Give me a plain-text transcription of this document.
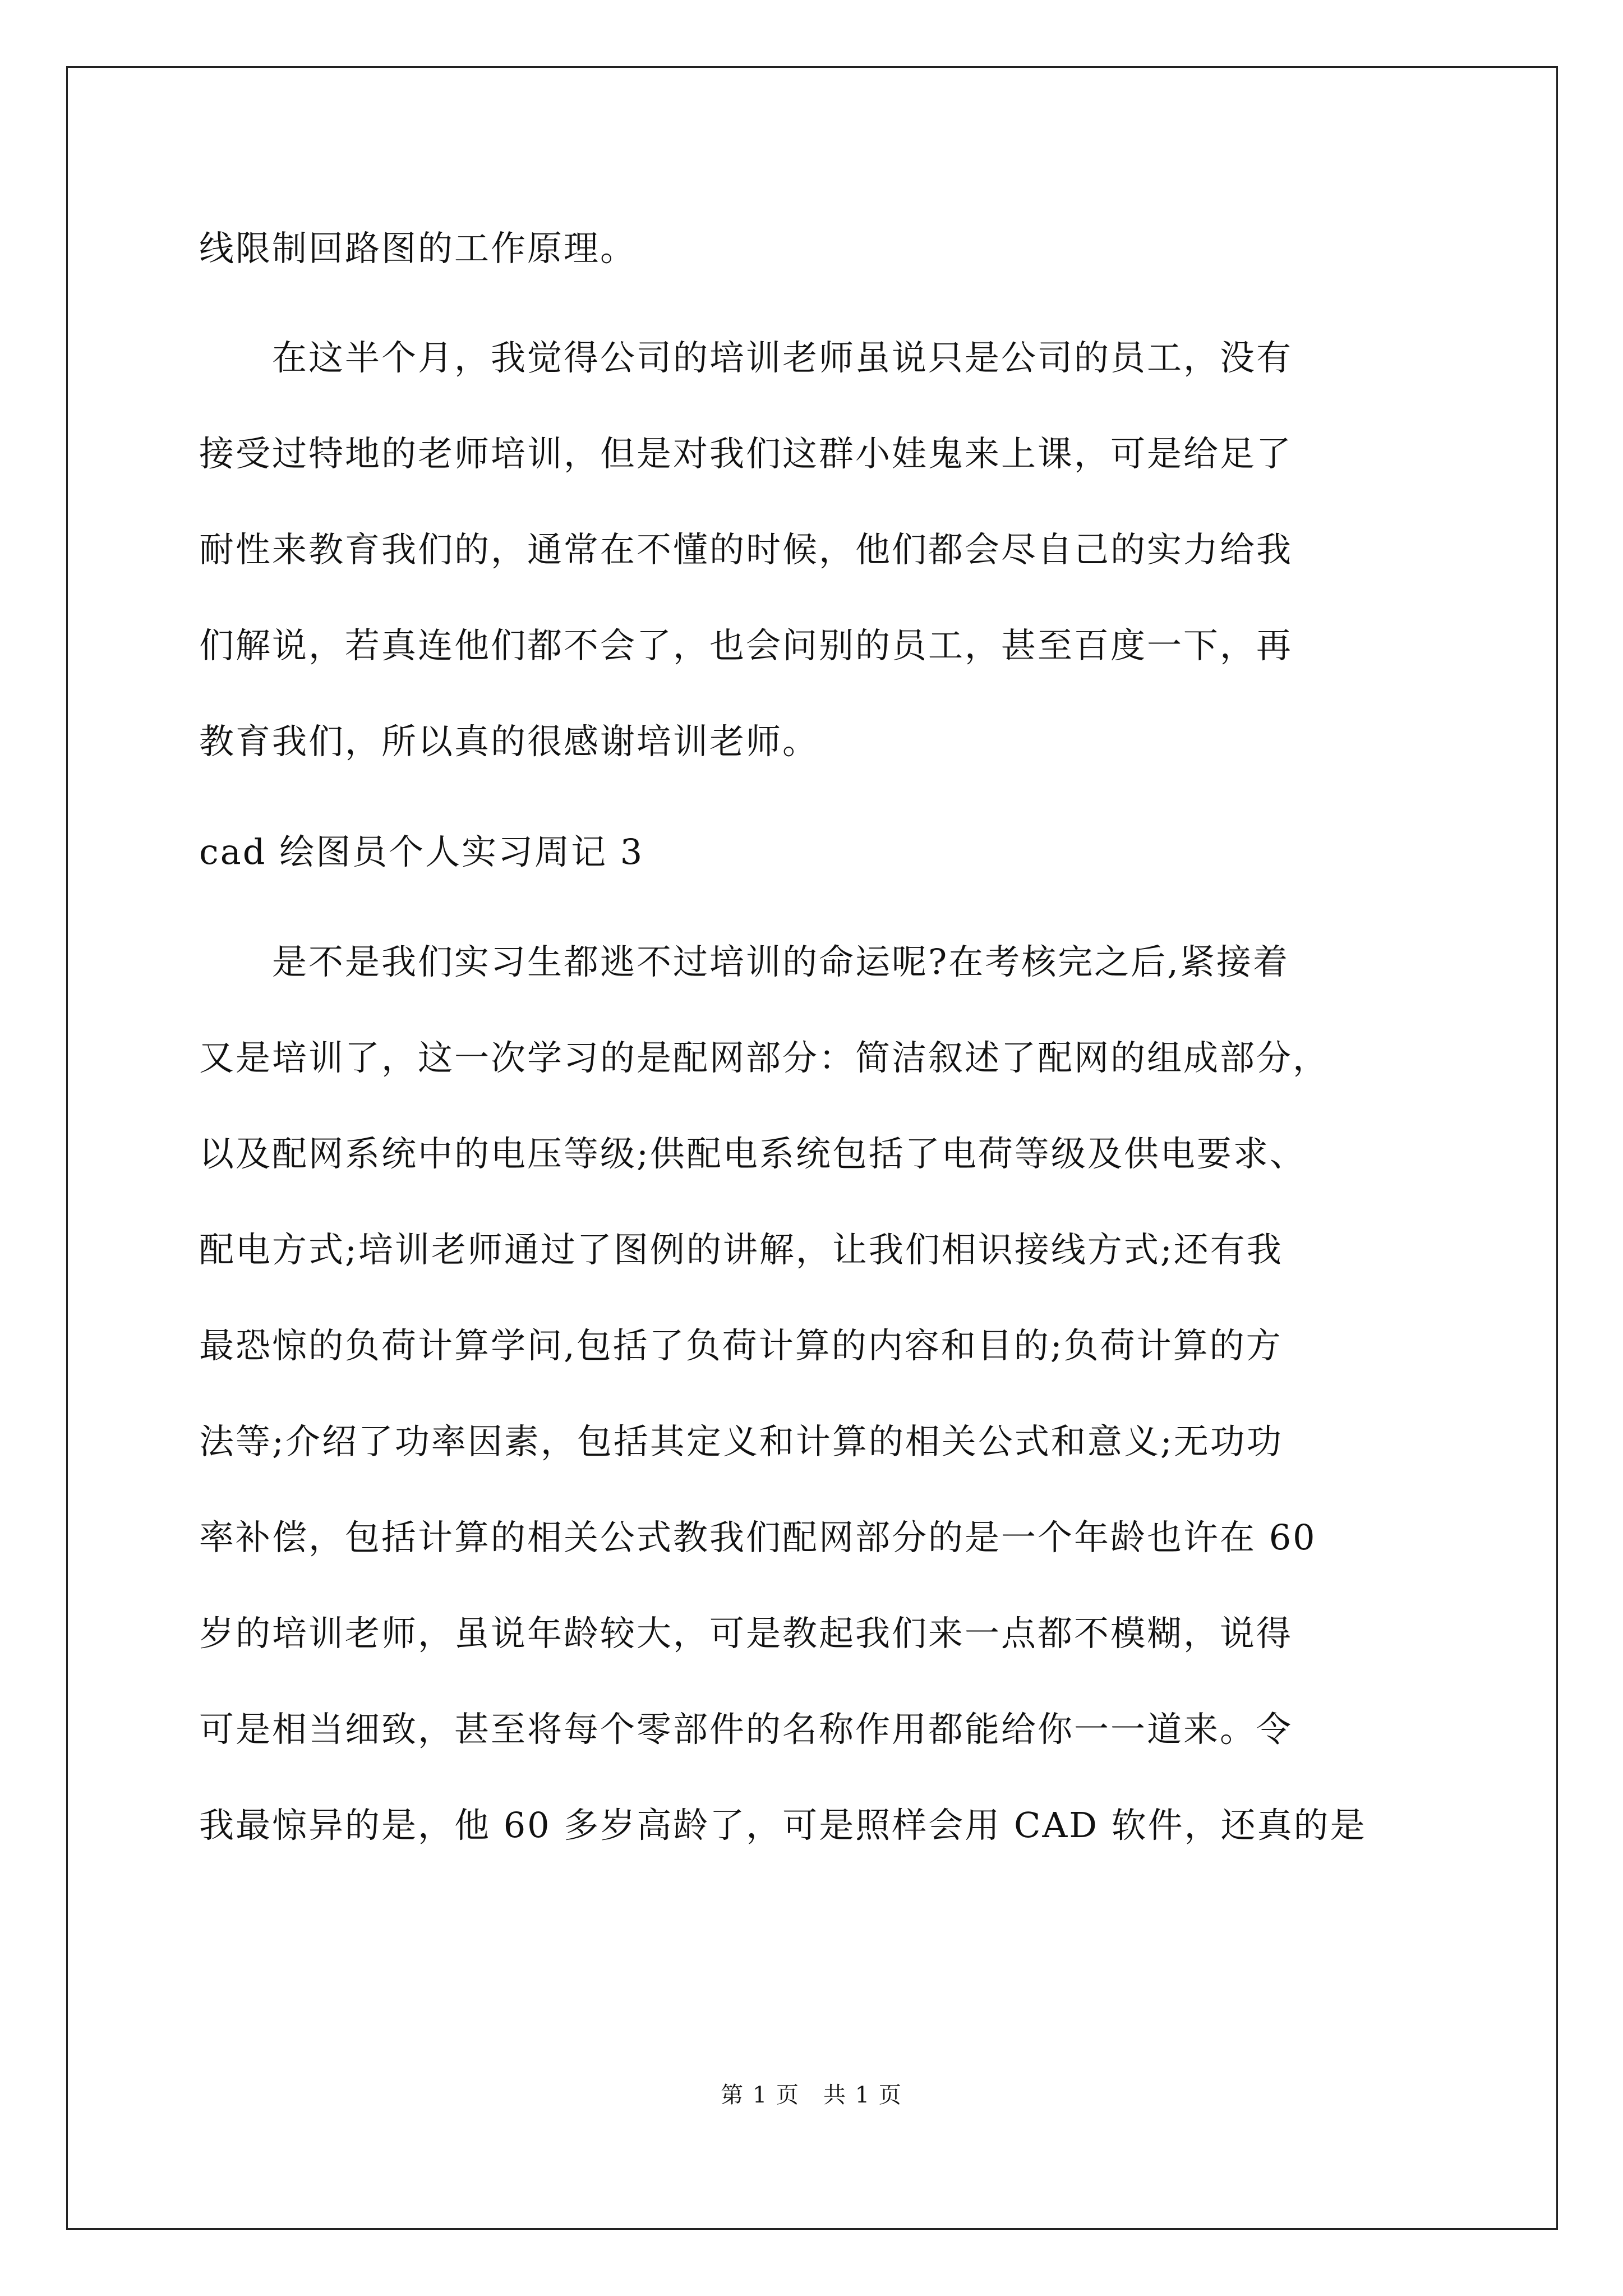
线限制回路图的工作原理。
　　在这半个月，我觉得公司的培训老师虽说只是公司的员工，没有
接受过特地的老师培训，但是对我们这群小娃鬼来上课，可是给足了
耐性来教育我们的，通常在不懂的时候，他们都会尽自己的实力给我
们解说，若真连他们都不会了，也会问别的员工，甚至百度一下，再
教育我们，所以真的很感谢培训老师。
cad 绘图员个人实习周记 3
　　是不是我们实习生都逃不过培训的命运呢?在考核完之后,紧接着
又是培训了，这一次学习的是配网部分：简洁叙述了配网的组成部分，
以及配网系统中的电压等级;供配电系统包括了电荷等级及供电要求、
配电方式;培训老师通过了图例的讲解，让我们相识接线方式;还有我
最恐惊的负荷计算学问,包括了负荷计算的内容和目的;负荷计算的方
法等;介绍了功率因素，包括其定义和计算的相关公式和意义;无功功
率补偿，包括计算的相关公式教我们配网部分的是一个年龄也许在 60
岁的培训老师，虽说年龄较大，可是教起我们来一点都不模糊，说得
可是相当细致，甚至将每个零部件的名称作用都能给你一一道来。令
我最惊异的是，他 60 多岁高龄了，可是照样会用 CAD 软件，还真的是
第 1 页　共 1 页
